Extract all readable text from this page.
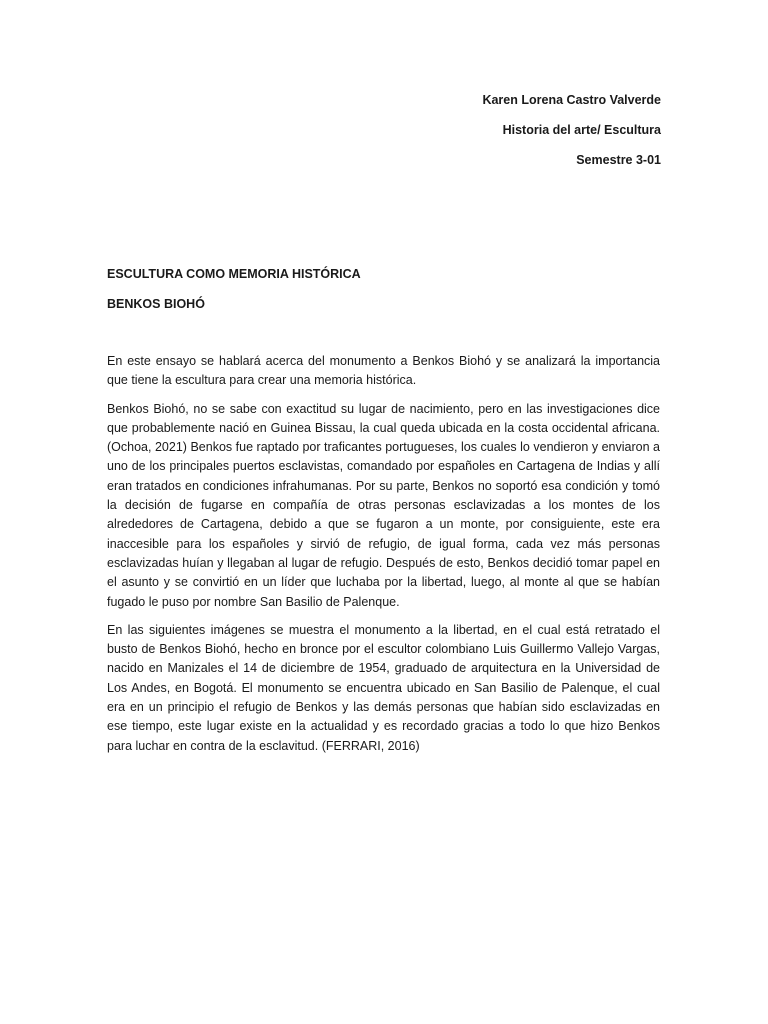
Karen Lorena Castro Valverde
Historia del arte/ Escultura
Semestre 3-01
ESCULTURA COMO MEMORIA HISTÓRICA
BENKOS BIOHÓ

En este ensayo se hablará acerca del monumento a Benkos Biohó y se analizará la importancia que tiene la escultura para crear una memoria histórica.

Benkos Biohó, no se sabe con exactitud su lugar de nacimiento, pero en las investigaciones dice que probablemente nació en Guinea Bissau, la cual queda ubicada en la costa occidental africana. (Ochoa, 2021) Benkos fue raptado por traficantes portugueses, los cuales lo vendieron y enviaron a uno de los principales puertos esclavistas, comandado por españoles en Cartagena de Indias y allí eran tratados en condiciones infrahumanas. Por su parte, Benkos no soportó esa condición y tomó la decisión de fugarse en compañía de otras personas esclavizadas a los montes de los alrededores de Cartagena, debido a que se fugaron a un monte, por consiguiente, este era inaccesible para los españoles y sirvió de refugio, de igual forma, cada vez más personas esclavizadas huían y llegaban al lugar de refugio. Después de esto, Benkos decidió tomar papel en el asunto y se convirtió en un líder que luchaba por la libertad, luego, al monte al que se habían fugado le puso por nombre San Basilio de Palenque.

En las siguientes imágenes se muestra el monumento a la libertad, en el cual está retratado el busto de Benkos Biohó, hecho en bronce por el escultor colombiano Luis Guillermo Vallejo Vargas, nacido en Manizales el 14 de diciembre de 1954, graduado de arquitectura en la Universidad de Los Andes, en Bogotá. El monumento se encuentra ubicado en San Basilio de Palenque, el cual era en un principio el refugio de Benkos y las demás personas que habían sido esclavizadas en ese tiempo, este lugar existe en la actualidad y es recordado gracias a todo lo que hizo Benkos para luchar en contra de la esclavitud. (FERRARI, 2016)
